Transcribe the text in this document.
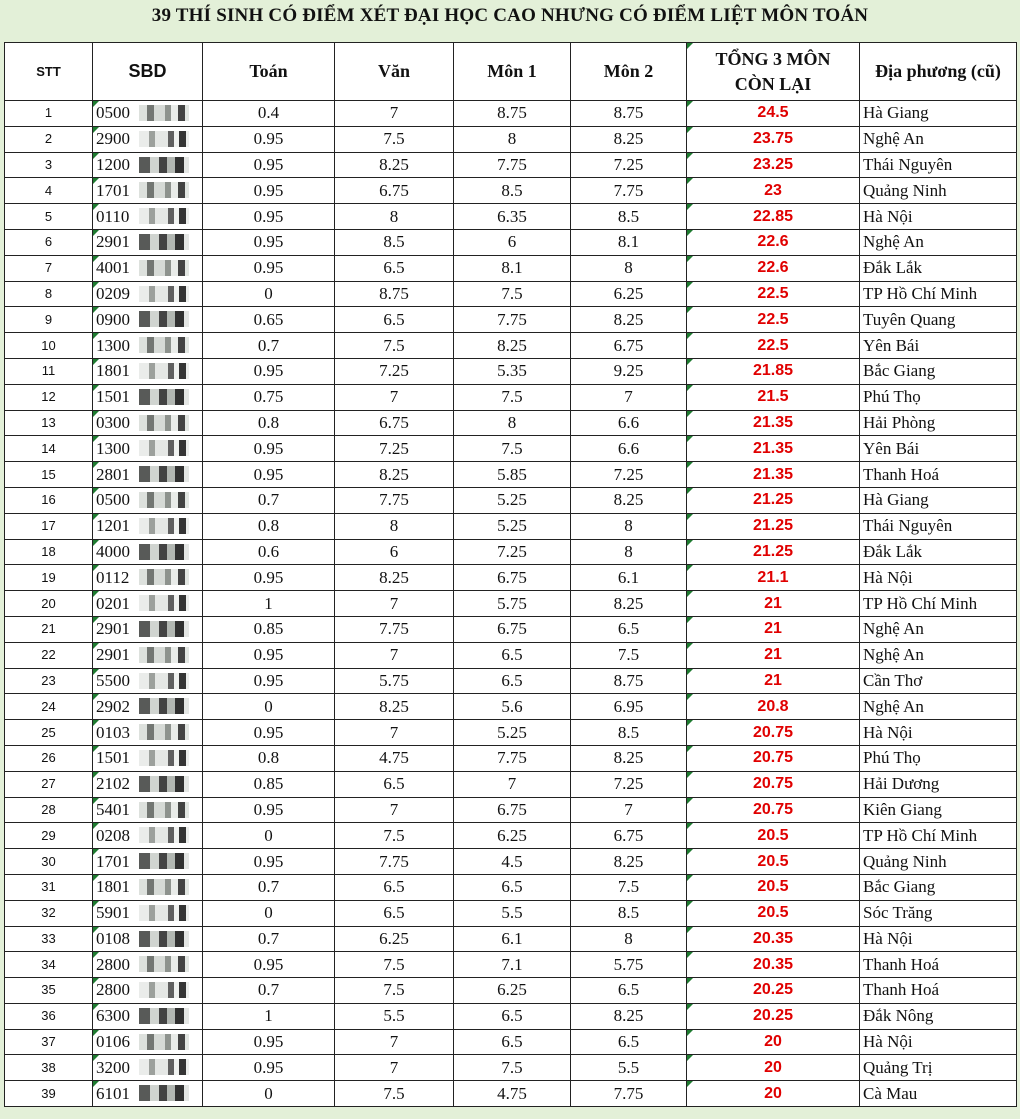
39 THÍ SINH CÓ ĐIỂM XÉT ĐẠI HỌC CAO NHƯNG CÓ ĐIỂM LIỆT MÔN TOÁN
STT	SBD	Toán	Văn	Môn 1	Môn 2	TỔNG 3 MÔN
CÒN LẠI	Địa phương (cũ)
1	0500	0.4	7	8.75	8.75	24.5	Hà Giang
2	2900	0.95	7.5	8	8.25	23.75	Nghệ An
3	1200	0.95	8.25	7.75	7.25	23.25	Thái Nguyên
4	1701	0.95	6.75	8.5	7.75	23	Quảng Ninh
5	0110	0.95	8	6.35	8.5	22.85	Hà Nội
6	2901	0.95	8.5	6	8.1	22.6	Nghệ An
7	4001	0.95	6.5	8.1	8	22.6	Đắk Lắk
8	0209	0	8.75	7.5	6.25	22.5	TP Hồ Chí Minh
9	0900	0.65	6.5	7.75	8.25	22.5	Tuyên Quang
10	1300	0.7	7.5	8.25	6.75	22.5	Yên Bái
11	1801	0.95	7.25	5.35	9.25	21.85	Bắc Giang
12	1501	0.75	7	7.5	7	21.5	Phú Thọ
13	0300	0.8	6.75	8	6.6	21.35	Hải Phòng
14	1300	0.95	7.25	7.5	6.6	21.35	Yên Bái
15	2801	0.95	8.25	5.85	7.25	21.35	Thanh Hoá
16	0500	0.7	7.75	5.25	8.25	21.25	Hà Giang
17	1201	0.8	8	5.25	8	21.25	Thái Nguyên
18	4000	0.6	6	7.25	8	21.25	Đắk Lắk
19	0112	0.95	8.25	6.75	6.1	21.1	Hà Nội
20	0201	1	7	5.75	8.25	21	TP Hồ Chí Minh
21	2901	0.85	7.75	6.75	6.5	21	Nghệ An
22	2901	0.95	7	6.5	7.5	21	Nghệ An
23	5500	0.95	5.75	6.5	8.75	21	Cần Thơ
24	2902	0	8.25	5.6	6.95	20.8	Nghệ An
25	0103	0.95	7	5.25	8.5	20.75	Hà Nội
26	1501	0.8	4.75	7.75	8.25	20.75	Phú Thọ
27	2102	0.85	6.5	7	7.25	20.75	Hải Dương
28	5401	0.95	7	6.75	7	20.75	Kiên Giang
29	0208	0	7.5	6.25	6.75	20.5	TP Hồ Chí Minh
30	1701	0.95	7.75	4.5	8.25	20.5	Quảng Ninh
31	1801	0.7	6.5	6.5	7.5	20.5	Bắc Giang
32	5901	0	6.5	5.5	8.5	20.5	Sóc Trăng
33	0108	0.7	6.25	6.1	8	20.35	Hà Nội
34	2800	0.95	7.5	7.1	5.75	20.35	Thanh Hoá
35	2800	0.7	7.5	6.25	6.5	20.25	Thanh Hoá
36	6300	1	5.5	6.5	8.25	20.25	Đắk Nông
37	0106	0.95	7	6.5	6.5	20	Hà Nội
38	3200	0.95	7	7.5	5.5	20	Quảng Trị
39	6101	0	7.5	4.75	7.75	20	Cà Mau
